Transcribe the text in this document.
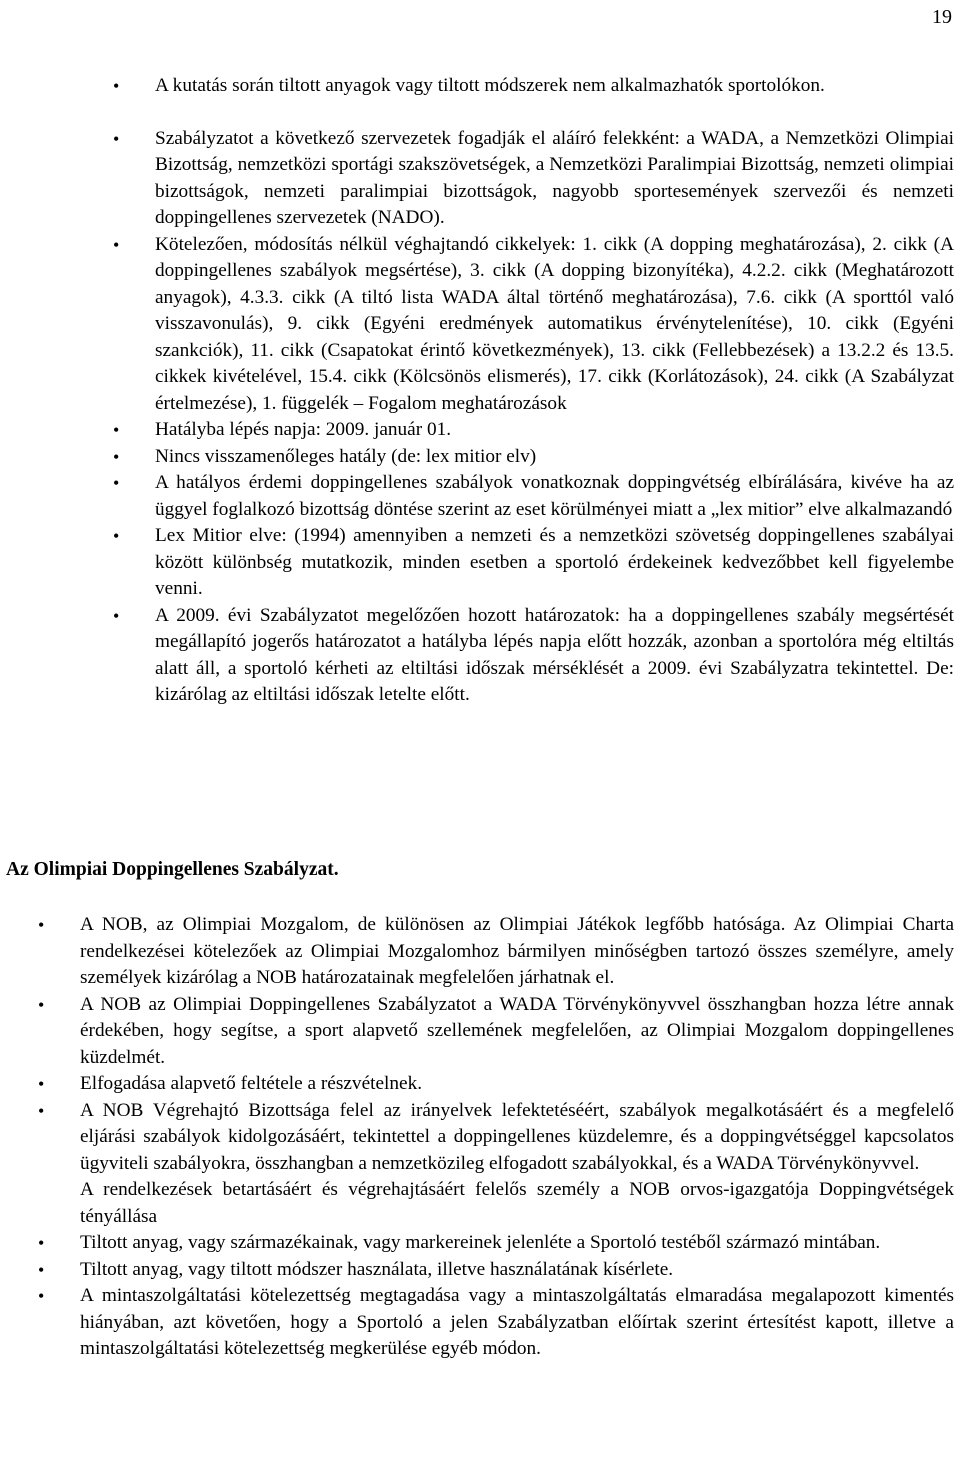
19
• A kutatás során tiltott anyagok vagy tiltott módszerek nem alkalmazhatók sportolókon.
• Szabályzatot a következő szervezetek fogadják el aláíró felekként: a WADA, a Nemzetközi Olimpiai Bizottság, nemzetközi sportági szakszövetségek, a Nemzetközi Paralimpiai Bizottság, nemzeti olimpiai bizottságok, nemzeti paralimpiai bizottságok, nagyobb sportesemények szervezői és nemzeti doppingellenes szervezetek (NADO).
• Kötelezően, módosítás nélkül véghajtandó cikkelyek: 1. cikk (A dopping meghatározása), 2. cikk (A doppingellenes szabályok megsértése), 3. cikk (A dopping bizonyítéka), 4.2.2. cikk (Meghatározott anyagok), 4.3.3. cikk (A tiltó lista WADA által történő meghatározása), 7.6. cikk (A sporttól való visszavonulás), 9. cikk (Egyéni eredmények automatikus érvénytelenítése), 10. cikk (Egyéni szankciók), 11. cikk (Csapatokat érintő következmények), 13. cikk (Fellebbezések) a 13.2.2 és 13.5. cikkek kivételével, 15.4. cikk (Kölcsönös elismerés), 17. cikk (Korlátozások), 24. cikk (A Szabályzat értelmezése), 1. függelék – Fogalom meghatározások
• Hatályba lépés napja: 2009. január 01.
• Nincs visszamenőleges hatály (de: lex mitior elv)
• A hatályos érdemi doppingellenes szabályok vonatkoznak doppingvétség elbírálására, kivéve ha az üggyel foglalkozó bizottság döntése szerint az eset körülményei miatt a „lex mitior” elve alkalmazandó
• Lex Mitior elve: (1994) amennyiben a nemzeti és a nemzetközi szövetség doppingellenes szabályai között különbség mutatkozik, minden esetben a sportoló érdekeinek kedvezőbbet kell figyelembe venni.
• A 2009. évi Szabályzatot megelőzően hozott határozatok: ha a doppingellenes szabály megsértését megállapító jogerős határozatot a hatályba lépés napja előtt hozzák, azonban a sportolóra még eltiltás alatt áll, a sportoló kérheti az eltiltási időszak mérséklését a 2009. évi Szabályzatra tekintettel. De: kizárólag az eltiltási időszak letelte előtt.
Az Olimpiai Doppingellenes Szabályzat.
• A NOB, az Olimpiai Mozgalom, de különösen az Olimpiai Játékok legfőbb hatósága. Az Olimpiai Charta rendelkezései kötelezőek az Olimpiai Mozgalomhoz bármilyen minőségben tartozó összes személyre, amely személyek kizárólag a NOB határozatainak megfelelően járhatnak el.
• A NOB az Olimpiai Doppingellenes Szabályzatot a WADA Törvénykönyvvel összhangban hozza létre annak érdekében, hogy segítse, a sport alapvető szellemének megfelelően, az Olimpiai Mozgalom doppingellenes küzdelmét.
• Elfogadása alapvető feltétele a részvételnek.
• A NOB Végrehajtó Bizottsága felel az irányelvek lefektetéséért, szabályok megalkotásáért és a megfelelő eljárási szabályok kidolgozásáért, tekintettel a doppingellenes küzdelemre, és a doppingvétséggel kapcsolatos ügyviteli szabályokra, összhangban a nemzetközileg elfogadott szabályokkal, és a WADA Törvénykönyvvel.

A rendelkezések betartásáért és végrehajtásáért felelős személy a NOB orvos-igazgatója Doppingvétségek tényállása

• Tiltott anyag, vagy származékainak, vagy markereinek jelenléte a Sportoló testéből származó mintában.
• Tiltott anyag, vagy tiltott módszer használata, illetve használatának kísérlete.
• A mintaszolgáltatási kötelezettség megtagadása vagy a mintaszolgáltatás elmaradása megalapozott kimentés hiányában, azt követően, hogy a Sportoló a jelen Szabályzatban előírtak szerint értesítést kapott, illetve a mintaszolgáltatási kötelezettség megkerülése egyéb módon.
